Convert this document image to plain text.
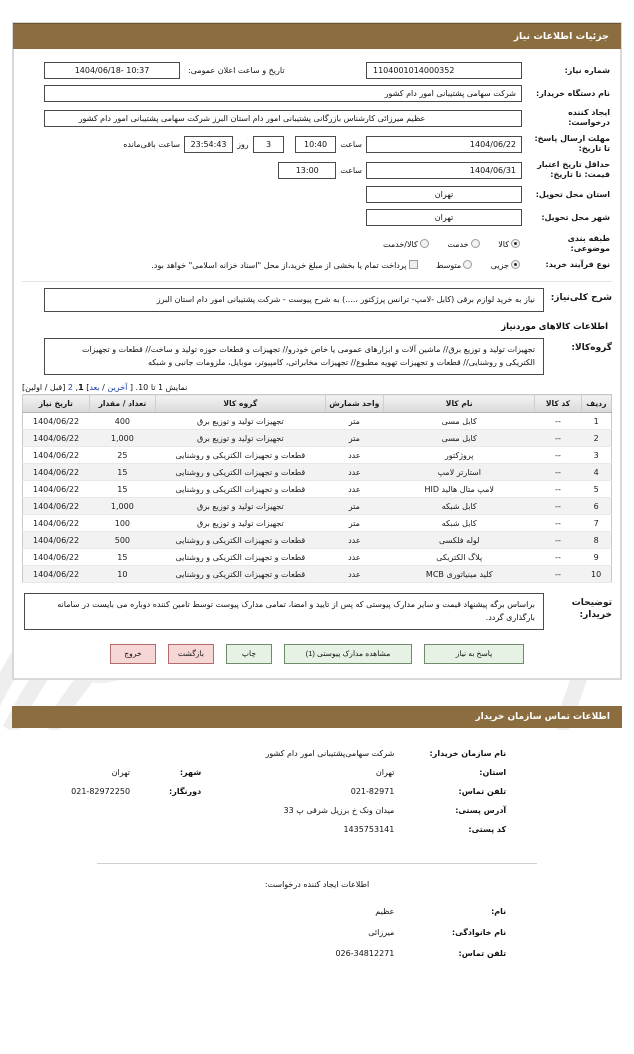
جزئیات اطلاعات نیاز
شماره نیاز:	
1104001014000352
	تاریخ و ساعت اعلان عمومی:	
10:37 -1404/06/18

نام دستگاه خریدار:	
شرکت سهامی پشتیبانی امور دام کشور

ایجاد کننده درخواست:	
عظیم میرزائی کارشناس بازرگانی پشتیبانی امور دام استان البرز شرکت سهامی پشتیبانی امور دام کشور

مهلت ارسال پاسخ: تا تاریخ:	
1404/06/22

ساعت	
10:40

3
	روز	
23:54:43
	ساعت باقی‌مانده
حداقل تاریخ اعتبار قیمت: تا تاریخ:	
1404/06/31

ساعت	
13:00

استان محل تحویل:	
تهران

شهر محل تحویل:	
تهران

طبقه بندی موضوعی:	کالا خدمت کالا/خدمت
نوع فرآیند خرید:	جزیی متوسط پرداخت تمام یا بخشی از مبلغ خرید،از محل "اسناد خزانه اسلامی" خواهد بود.
شرح کلی‌نیاز:
نیاز به خرید لوازم برقی (کابل -لامپ- ترانس پرژکتور ،....) به شرح پیوست - شرکت پشتیبانی امور دام استان البرز
اطلاعات کالاهای موردنیاز
گروه‌کالا:
تجهیزات تولید و توزیع برق// ماشین آلات و ابزارهای عمومی یا خاص خودرو// تجهیزات و قطعات حوزه تولید و ساخت// قطعات و تجهیزات الکتریکی و روشنایی// قطعات و تجهیزات تهویه مطبوع// تجهیزات مخابراتی، کامپیوتر، موبایل، ملزومات جانبی و شبکه
نمایش 1 تا 10. [ آخرین / بعد] 1, 2 [قبل / اولین]
ردیف	کد کالا	نام کالا	واحد شمارش	گروه کالا	تعداد / مقدار	تاریخ نیاز
1	--	کابل مسی	متر	تجهیزات تولید و توزیع برق	400	1404/06/22
2	--	کابل مسی	متر	تجهیزات تولید و توزیع برق	1,000	1404/06/22
3	--	پروژکتور	عدد	قطعات و تجهیزات الکتریکی و روشنایی	25	1404/06/22
4	--	استارتر لامپ	عدد	قطعات و تجهیزات الکتریکی و روشنایی	15	1404/06/22
5	--	لامپ متال هالید HID	عدد	قطعات و تجهیزات الکتریکی و روشنایی	15	1404/06/22
6	--	کابل شبکه	متر	تجهیزات تولید و توزیع برق	1,000	1404/06/22
7	--	کابل شبکه	متر	تجهیزات تولید و توزیع برق	100	1404/06/22
8	--	لوله فلکسی	عدد	قطعات و تجهیزات الکتریکی و روشنایی	500	1404/06/22
9	--	پلاگ الکتریکی	عدد	قطعات و تجهیزات الکتریکی و روشنایی	15	1404/06/22
10	--	کلید مینیاتوری MCB	عدد	قطعات و تجهیزات الکتریکی و روشنایی	10	1404/06/22
توضیحات خریدار:
براساس برگه پیشنهاد قیمت و سایر مدارک پیوستی که پس از تایید و امضا، تمامی مدارک پیوست توسط تامین کننده دوباره می بایست در سامانه بارگذاری گردد.
پاسخ به نیاز
مشاهده مدارک پیوستی (1)
چاپ
بازگشت
خروج
اطلاعات تماس سازمان خریدار
	نام سازمان خریدار:	شرکت سهامی‌پشتیبانی امور دام کشور		
	استان:	تهران	شهر:	تهران
	تلفن تماس:	021-82971	دورنگار:	021-82972250
	آدرس پستی:	میدان ونک خ برزیل شرقی پ 33		
	کد پستی:	1435753141		
اطلاعات ایجاد کننده درخواست:
	نام:	عظیم	
	نام خانوادگی:	میرزائی	
	تلفن تماس:	026-34812271	
